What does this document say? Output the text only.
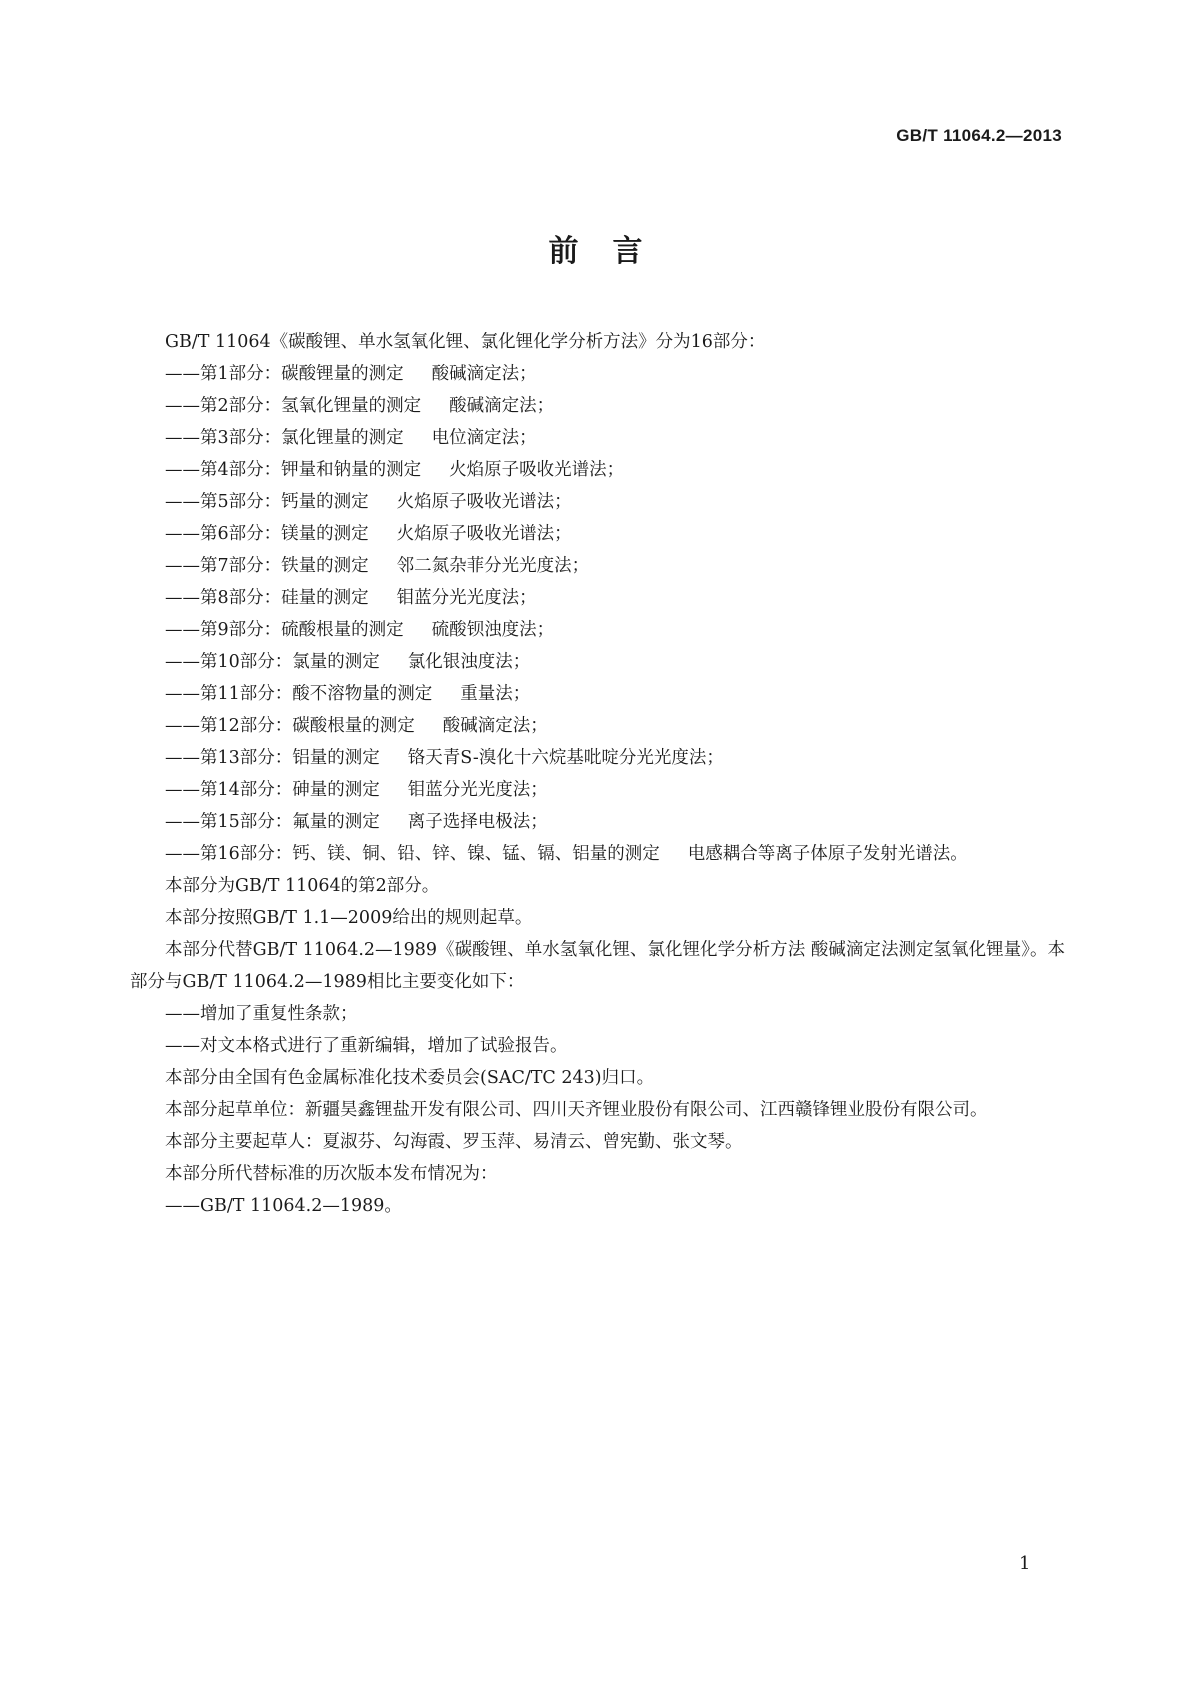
GB/T 11064.2—2013
前言

GB/T 11064《碳酸锂、单水氢氧化锂、氯化锂化学分析方法》分为16部分：

——第1部分：碳酸锂量的测定 酸碱滴定法；

——第2部分：氢氧化锂量的测定 酸碱滴定法；

——第3部分：氯化锂量的测定 电位滴定法；

——第4部分：钾量和钠量的测定 火焰原子吸收光谱法；

——第5部分：钙量的测定 火焰原子吸收光谱法；

——第6部分：镁量的测定 火焰原子吸收光谱法；

——第7部分：铁量的测定 邻二氮杂菲分光光度法；

——第8部分：硅量的测定 钼蓝分光光度法；

——第9部分：硫酸根量的测定 硫酸钡浊度法；

——第10部分：氯量的测定 氯化银浊度法；

——第11部分：酸不溶物量的测定 重量法；

——第12部分：碳酸根量的测定 酸碱滴定法；

——第13部分：铝量的测定 铬天青S-溴化十六烷基吡啶分光光度法；

——第14部分：砷量的测定 钼蓝分光光度法；

——第15部分：氟量的测定 离子选择电极法；

——第16部分：钙、镁、铜、铅、锌、镍、锰、镉、铝量的测定 电感耦合等离子体原子发射光谱法。

本部分为GB/T 11064的第2部分。

本部分按照GB/T 1.1—2009给出的规则起草。

本部分代替GB/T 11064.2—1989《碳酸锂、单水氢氧化锂、氯化锂化学分析方法 酸碱滴定法测定氢氧化锂量》。本部分与GB/T 11064.2—1989相比主要变化如下：

——增加了重复性条款；

——对文本格式进行了重新编辑，增加了试验报告。

本部分由全国有色金属标准化技术委员会(SAC/TC 243)归口。

本部分起草单位：新疆昊鑫锂盐开发有限公司、四川天齐锂业股份有限公司、江西赣锋锂业股份有限公司。

本部分主要起草人：夏淑芬、勾海霞、罗玉萍、易清云、曾宪勤、张文琴。

本部分所代替标准的历次版本发布情况为：

——GB/T 11064.2—1989。

1
